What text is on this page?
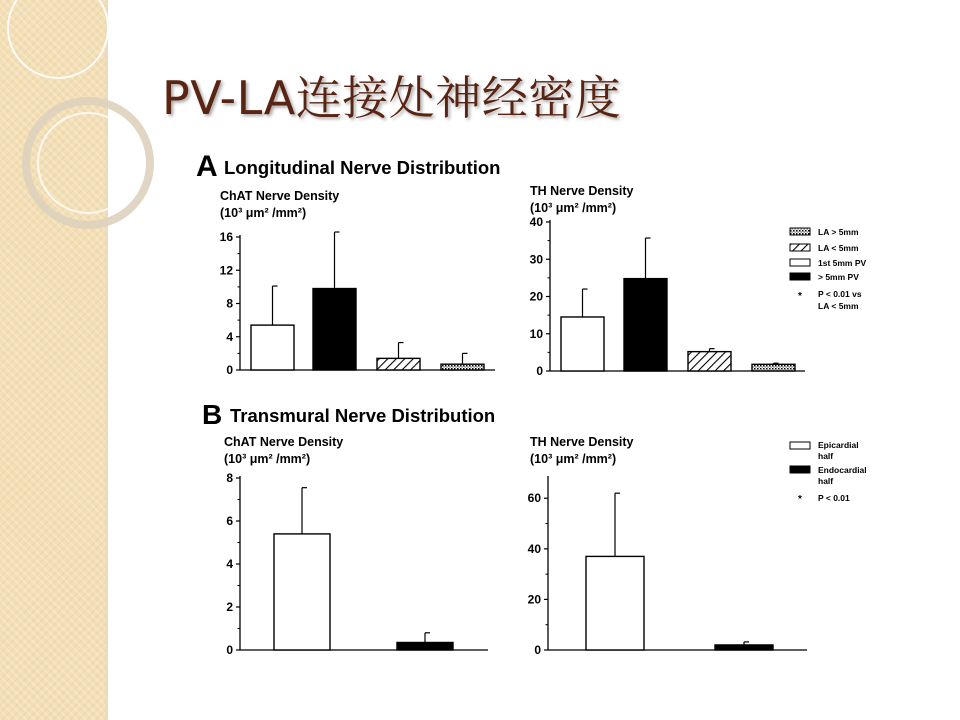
PV-LA连接处神经密度
A Longitudinal Nerve Distribution
B Transmural Nerve Distribution
ChAT Nerve Density
(10³ μm² /mm²)
TH Nerve Density
(10³ μm² /mm²)
ChAT Nerve Density
(10³ μm² /mm²)
TH Nerve Density
(10³ μm² /mm²)
LA > 5mm
LA < 5mm
1st 5mm PV
> 5mm PV
* P < 0.01 vs
LA < 5mm
Epicardial
half
Endocardial
half
* P < 0.01
0
4
8
12
16
0
10
20
30
40
0
2
4
6
8
0
20
40
60
